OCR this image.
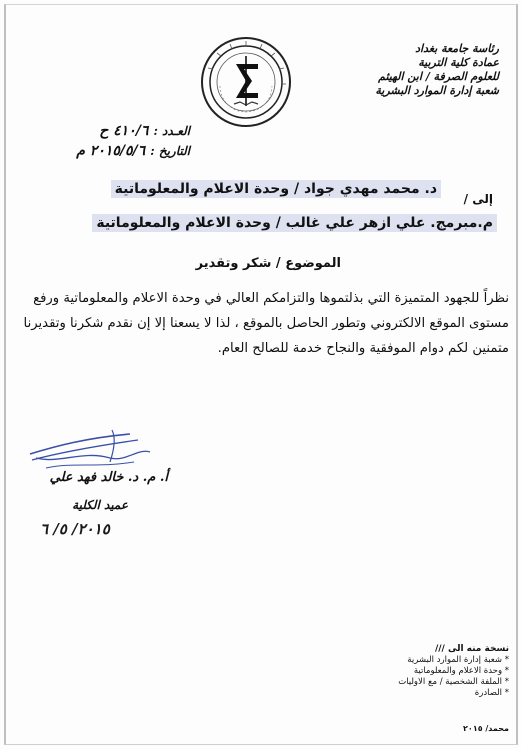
رئاسة جامعة بغداد
عمادة كلية التربية
للعلوم الصرفة / ابن الهيثم
شعبة إدارة الموارد البشرية
العـدد : ٤١٠/٦ ح
التاريخ : ٢٠١٥/٥/٦ م
إلى /
د. محمد مهدي جواد / وحدة الاعلام والمعلوماتية
م.مبرمج. علي ازهر علي غالب / وحدة الاعلام والمعلوماتية
الموضوع / شكر وتقدير
نظراً للجهود المتميزة التي بذلتموها والتزامكم العالي في وحدة الاعلام والمعلوماتية ورفع مستوى الموقع الالكتروني وتطور الحاصل بالموقع ، لذا لا يسعنا إلا إن نقدم شكرنا وتقديرنا متمنين لكم دوام الموفقية والنجاح خدمة للصالح العام.
أ. م. د. خالد فهد علي
عميد الكلية
٢٠١٥/ ٥/ ٦
نسخة منه الى ///
* شعبة إدارة الموارد البشرية
* وحدة الاعلام والمعلوماتية
* الملفة الشخصية / مع الاوليات
* الصادرة
محمد/ ٢٠١٥
